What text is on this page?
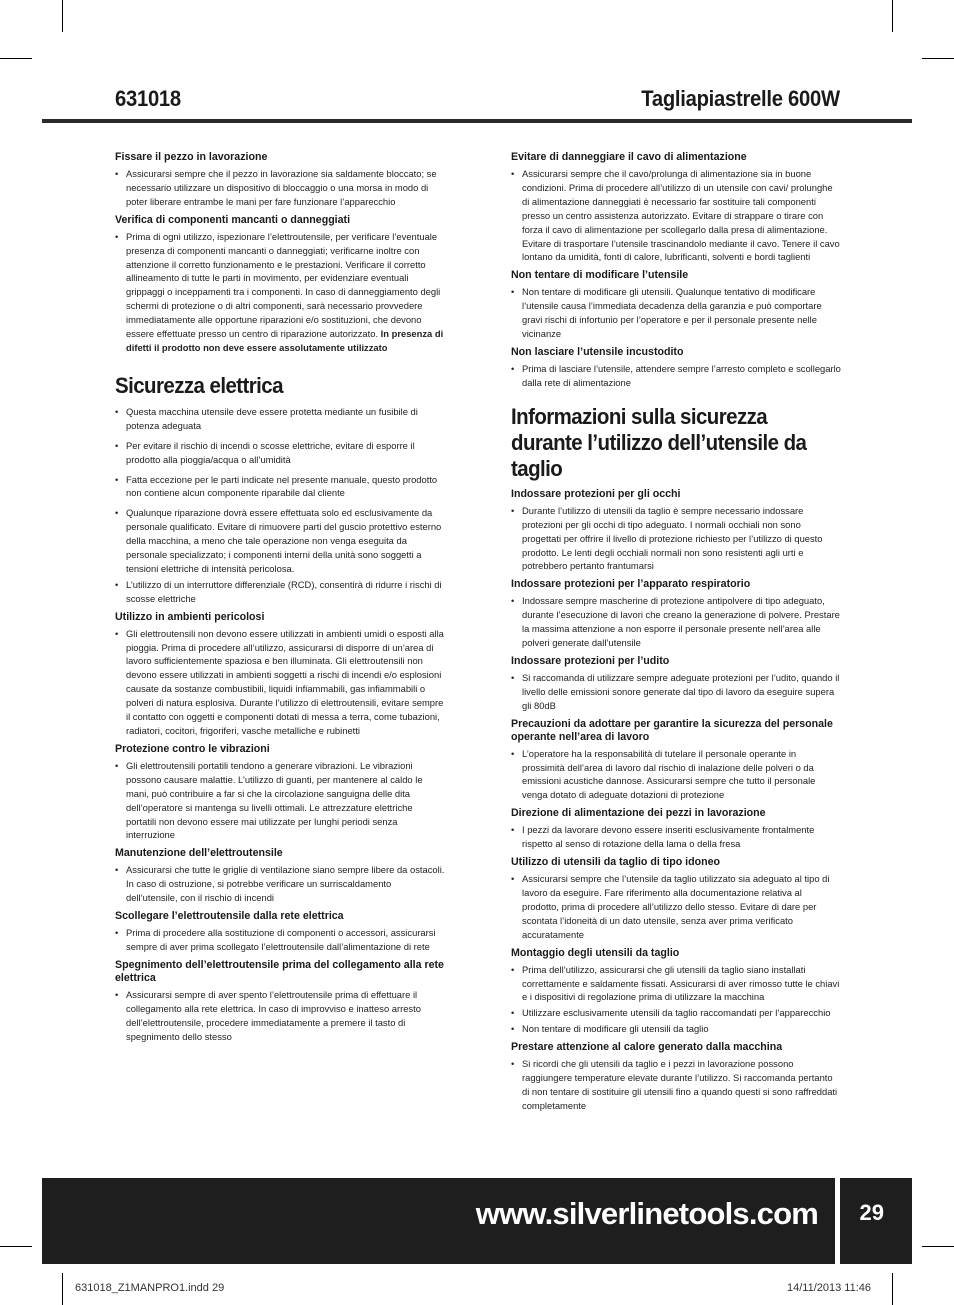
631018	Tagliapiastrelle 600W
Fissare il pezzo in lavorazione
• Assicurarsi sempre che il pezzo in lavorazione sia saldamente bloccato; se necessario utilizzare un dispositivo di bloccaggio o una morsa in modo di poter liberare entrambe le mani per fare funzionare l’apparecchio
Verifica di componenti mancanti o danneggiati
• Prima di ogni utilizzo, ispezionare l’elettroutensile, per verificare l’eventuale presenza di componenti mancanti o danneggiati; verificarne inoltre con attenzione il corretto funzionamento e le prestazioni. Verificare il corretto allineamento di tutte le parti in movimento, per evidenziare eventuali grippaggi o inceppamenti tra i componenti. In caso di danneggiamento degli schermi di protezione o di altri componenti, sarà necessario provvedere immediatamente alle opportune riparazioni e/o sostituzioni, che devono essere effettuate presso un centro di riparazione autorizzato. In presenza di difetti il prodotto non deve essere assolutamente utilizzato
Sicurezza elettrica
• Questa macchina utensile deve essere protetta mediante un fusibile di potenza adeguata
• Per evitare il rischio di incendi o scosse elettriche, evitare di esporre il prodotto alla pioggia/acqua o all’umidità
• Fatta eccezione per le parti indicate nel presente manuale, questo prodotto non contiene alcun componente riparabile dal cliente
• Qualunque riparazione dovrà essere effettuata solo ed esclusivamente da personale qualificato. Evitare di rimuovere parti del guscio protettivo esterno della macchina, a meno che tale operazione non venga eseguita da personale specializzato; i componenti interni della unità sono soggetti a tensioni elettriche di intensità pericolosa.
• L’utilizzo di un interruttore differenziale (RCD), consentirà di ridurre i rischi di scosse elettriche
Utilizzo in ambienti pericolosi
• Gli elettroutensili non devono essere utilizzati in ambienti umidi o esposti alla pioggia. Prima di procedere all’utilizzo, assicurarsi di disporre di un’area di lavoro sufficientemente spaziosa e ben illuminata. Gli elettroutensili non devono essere utilizzati in ambienti soggetti a rischi di incendi e/o esplosioni causate da sostanze combustibili, liquidi infiammabili, gas infiammabili o polveri di natura esplosiva. Durante l’utilizzo di elettroutensili, evitare sempre il contatto con oggetti e componenti dotati di messa a terra, come tubazioni, radiatori, cocitori, frigoriferi, vasche metalliche e rubinetti
Protezione contro le vibrazioni
• Gli elettroutensili portatili tendono a generare vibrazioni. Le vibrazioni possono causare malattie. L’utilizzo di guanti, per mantenere al caldo le mani, può contribuire a far si che la circolazione sanguigna delle dita dell’operatore si mantenga su livelli ottimali. Le attrezzature elettriche portatili non devono essere mai utilizzate per lunghi periodi senza interruzione
Manutenzione dell’elettroutensile
• Assicurarsi che tutte le griglie di ventilazione siano sempre libere da ostacoli. In caso di ostruzione, si potrebbe verificare un surriscaldamento dell’utensile, con il rischio di incendi
Scollegare l’elettroutensile dalla rete elettrica
• Prima di procedere alla sostituzione di componenti o accessori, assicurarsi sempre di aver prima scollegato l’elettroutensile dall’alimentazione di rete
Spegnimento dell’elettroutensile prima del collegamento alla rete elettrica
• Assicurarsi sempre di aver spento l’elettroutensile prima di effettuare il collegamento alla rete elettrica. In caso di improvviso e inatteso arresto dell’elettroutensile, procedere immediatamente a premere il tasto di spegnimento dello stesso
Evitare di danneggiare il cavo di alimentazione
• Assicurarsi sempre che il cavo/prolunga di alimentazione sia in buone condizioni. Prima di procedere all’utilizzo di un utensile con cavi/ prolunghe di alimentazione danneggiati è necessario far sostituire tali componenti presso un centro assistenza autorizzato. Evitare di strappare o tirare con forza il cavo di alimentazione per scollegarlo dalla presa di alimentazione. Evitare di trasportare l’utensile trascinandolo mediante il cavo. Tenere il cavo lontano da umidità, fonti di calore, lubrificanti, solventi e bordi taglienti
Non tentare di modificare l’utensile
• Non tentare di modificare gli utensili. Qualunque tentativo di modificare l’utensile causa l’immediata decadenza della garanzia e può comportare gravi rischi di infortunio per l’operatore e per il personale presente nelle vicinanze
Non lasciare l’utensile incustodito
• Prima di lasciare l’utensile, attendere sempre l’arresto completo e scollegarlo dalla rete di alimentazione
Informazioni sulla sicurezza durante l’utilizzo dell’utensile da taglio
Indossare protezioni per gli occhi
• Durante l’utilizzo di utensili da taglio è sempre necessario indossare protezioni per gli occhi di tipo adeguato. I normali occhiali non sono progettati per offrire il livello di protezione richiesto per l’utilizzo di questo prodotto. Le lenti degli occhiali normali non sono resistenti agli urti e potrebbero pertanto frantumarsi
Indossare protezioni per l’apparato respiratorio
• Indossare sempre mascherine di protezione antipolvere di tipo adeguato, durante l’esecuzione di lavori che creano la generazione di polvere. Prestare la massima attenzione a non esporre il personale presente nell’area alle polveri generate dall’utensile
Indossare protezioni per l’udito
• Si raccomanda di utilizzare sempre adeguate protezioni per l’udito, quando il livello delle emissioni sonore generate dal tipo di lavoro da eseguire supera gli 80dB
Precauzioni da adottare per garantire la sicurezza del personale operante nell’area di lavoro
• L’operatore ha la responsabilità di tutelare il personale operante in prossimità dell’area di lavoro dal rischio di inalazione delle polveri o da emissioni acustiche dannose. Assicurarsi sempre che tutto il personale venga dotato di adeguate dotazioni di protezione
Direzione di alimentazione dei pezzi in lavorazione
• I pezzi da lavorare devono essere inseriti esclusivamente frontalmente rispetto al senso di rotazione della lama o della fresa
Utilizzo di utensili da taglio di tipo idoneo
• Assicurarsi sempre che l’utensile da taglio utilizzato sia adeguato al tipo di lavoro da eseguire. Fare riferimento alla documentazione relativa al prodotto, prima di procedere all’utilizzo dello stesso. Evitare di dare per scontata l’idoneità di un dato utensile, senza aver prima verificato accuratamente
Montaggio degli utensili da taglio
• Prima dell’utilizzo, assicurarsi che gli utensili da taglio siano installati correttamente e saldamente fissati. Assicurarsi di aver rimosso tutte le chiavi e i dispositivi di regolazione prima di utilizzare la macchina
• Utilizzare esclusivamente utensili da taglio raccomandati per l’apparecchio
• Non tentare di modificare gli utensili da taglio
Prestare attenzione al calore generato dalla macchina
• Si ricordi che gli utensili da taglio e i pezzi in lavorazione possono raggiungere temperature elevate durante l’utilizzo. Si raccomanda pertanto di non tentare di sostituire gli utensili fino a quando questi si sono raffreddati completamente
www.silverlinetools.com 29
631018_Z1MANPRO1.indd 29	14/11/2013 11:46
